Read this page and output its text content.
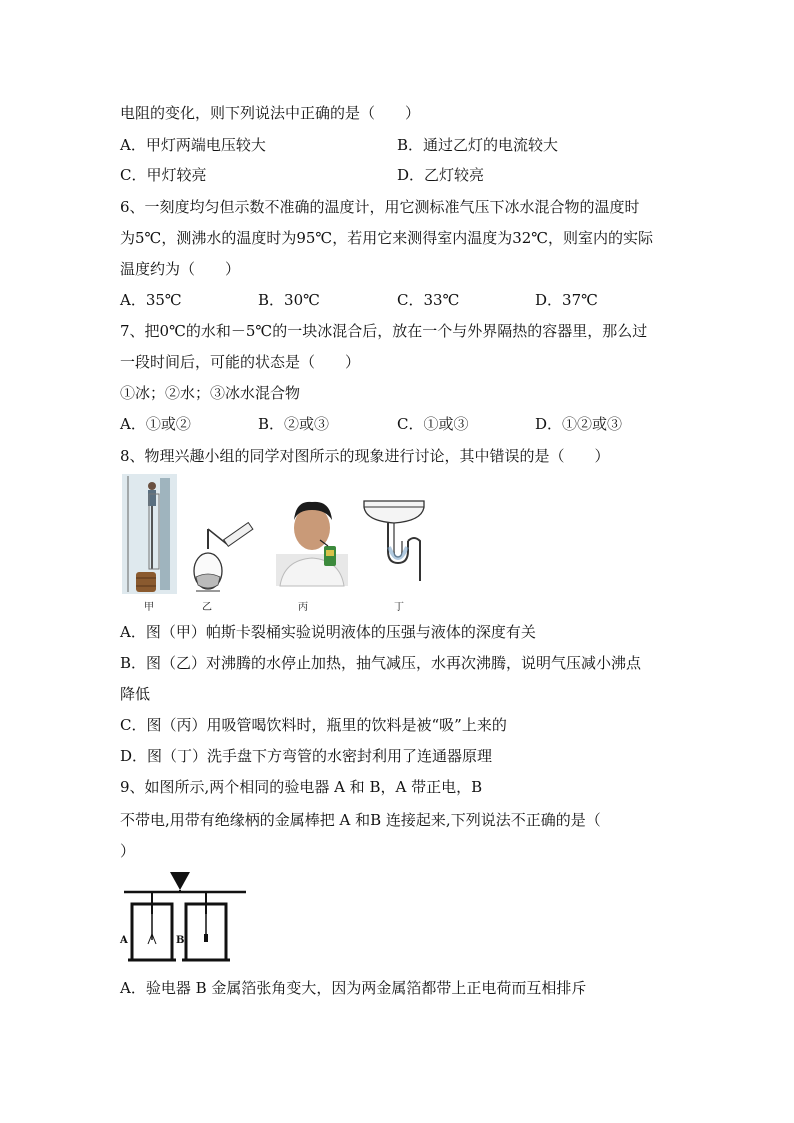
电阻的变化，则下列说法中正确的是（　　）
A．甲灯两端电压较大	B．通过乙灯的电流较大
C．甲灯较亮	D．乙灯较亮
6、一刻度均匀但示数不准确的温度计，用它测标准气压下冰水混合物的温度时
为5℃，测沸水的温度时为95℃，若用它来测得室内温度为32℃，则室内的实际
温度约为（　　）
A．35℃	B．30℃	C．33℃	D．37℃
7、把0℃的水和－5℃的一块冰混合后，放在一个与外界隔热的容器里，那么过
一段时间后，可能的状态是（　　）
①冰；②水；③冰水混合物
A．①或②	B．②或③	C．①或③	D．①②或③
8、物理兴趣小组的同学对图所示的现象进行讨论，其中错误的是（　　）
甲	乙	丙	丁
A．图（甲）帕斯卡裂桶实验说明液体的压强与液体的深度有关
B．图（乙）对沸腾的水停止加热，抽气减压，水再次沸腾，说明气压减小沸点
降低
C．图（丙）用吸管喝饮料时，瓶里的饮料是被“吸”上来的
D．图（丁）洗手盘下方弯管的水密封利用了连通器原理
9、如图所示,两个相同的验电器 A 和 B，A 带正电，B
不带电,用带有绝缘柄的金属棒把 A 和B 连接起来,下列说法不正确的是（
）
A	B
A．验电器 B 金属箔张角变大，因为两金属箔都带上正电荷而互相排斥
